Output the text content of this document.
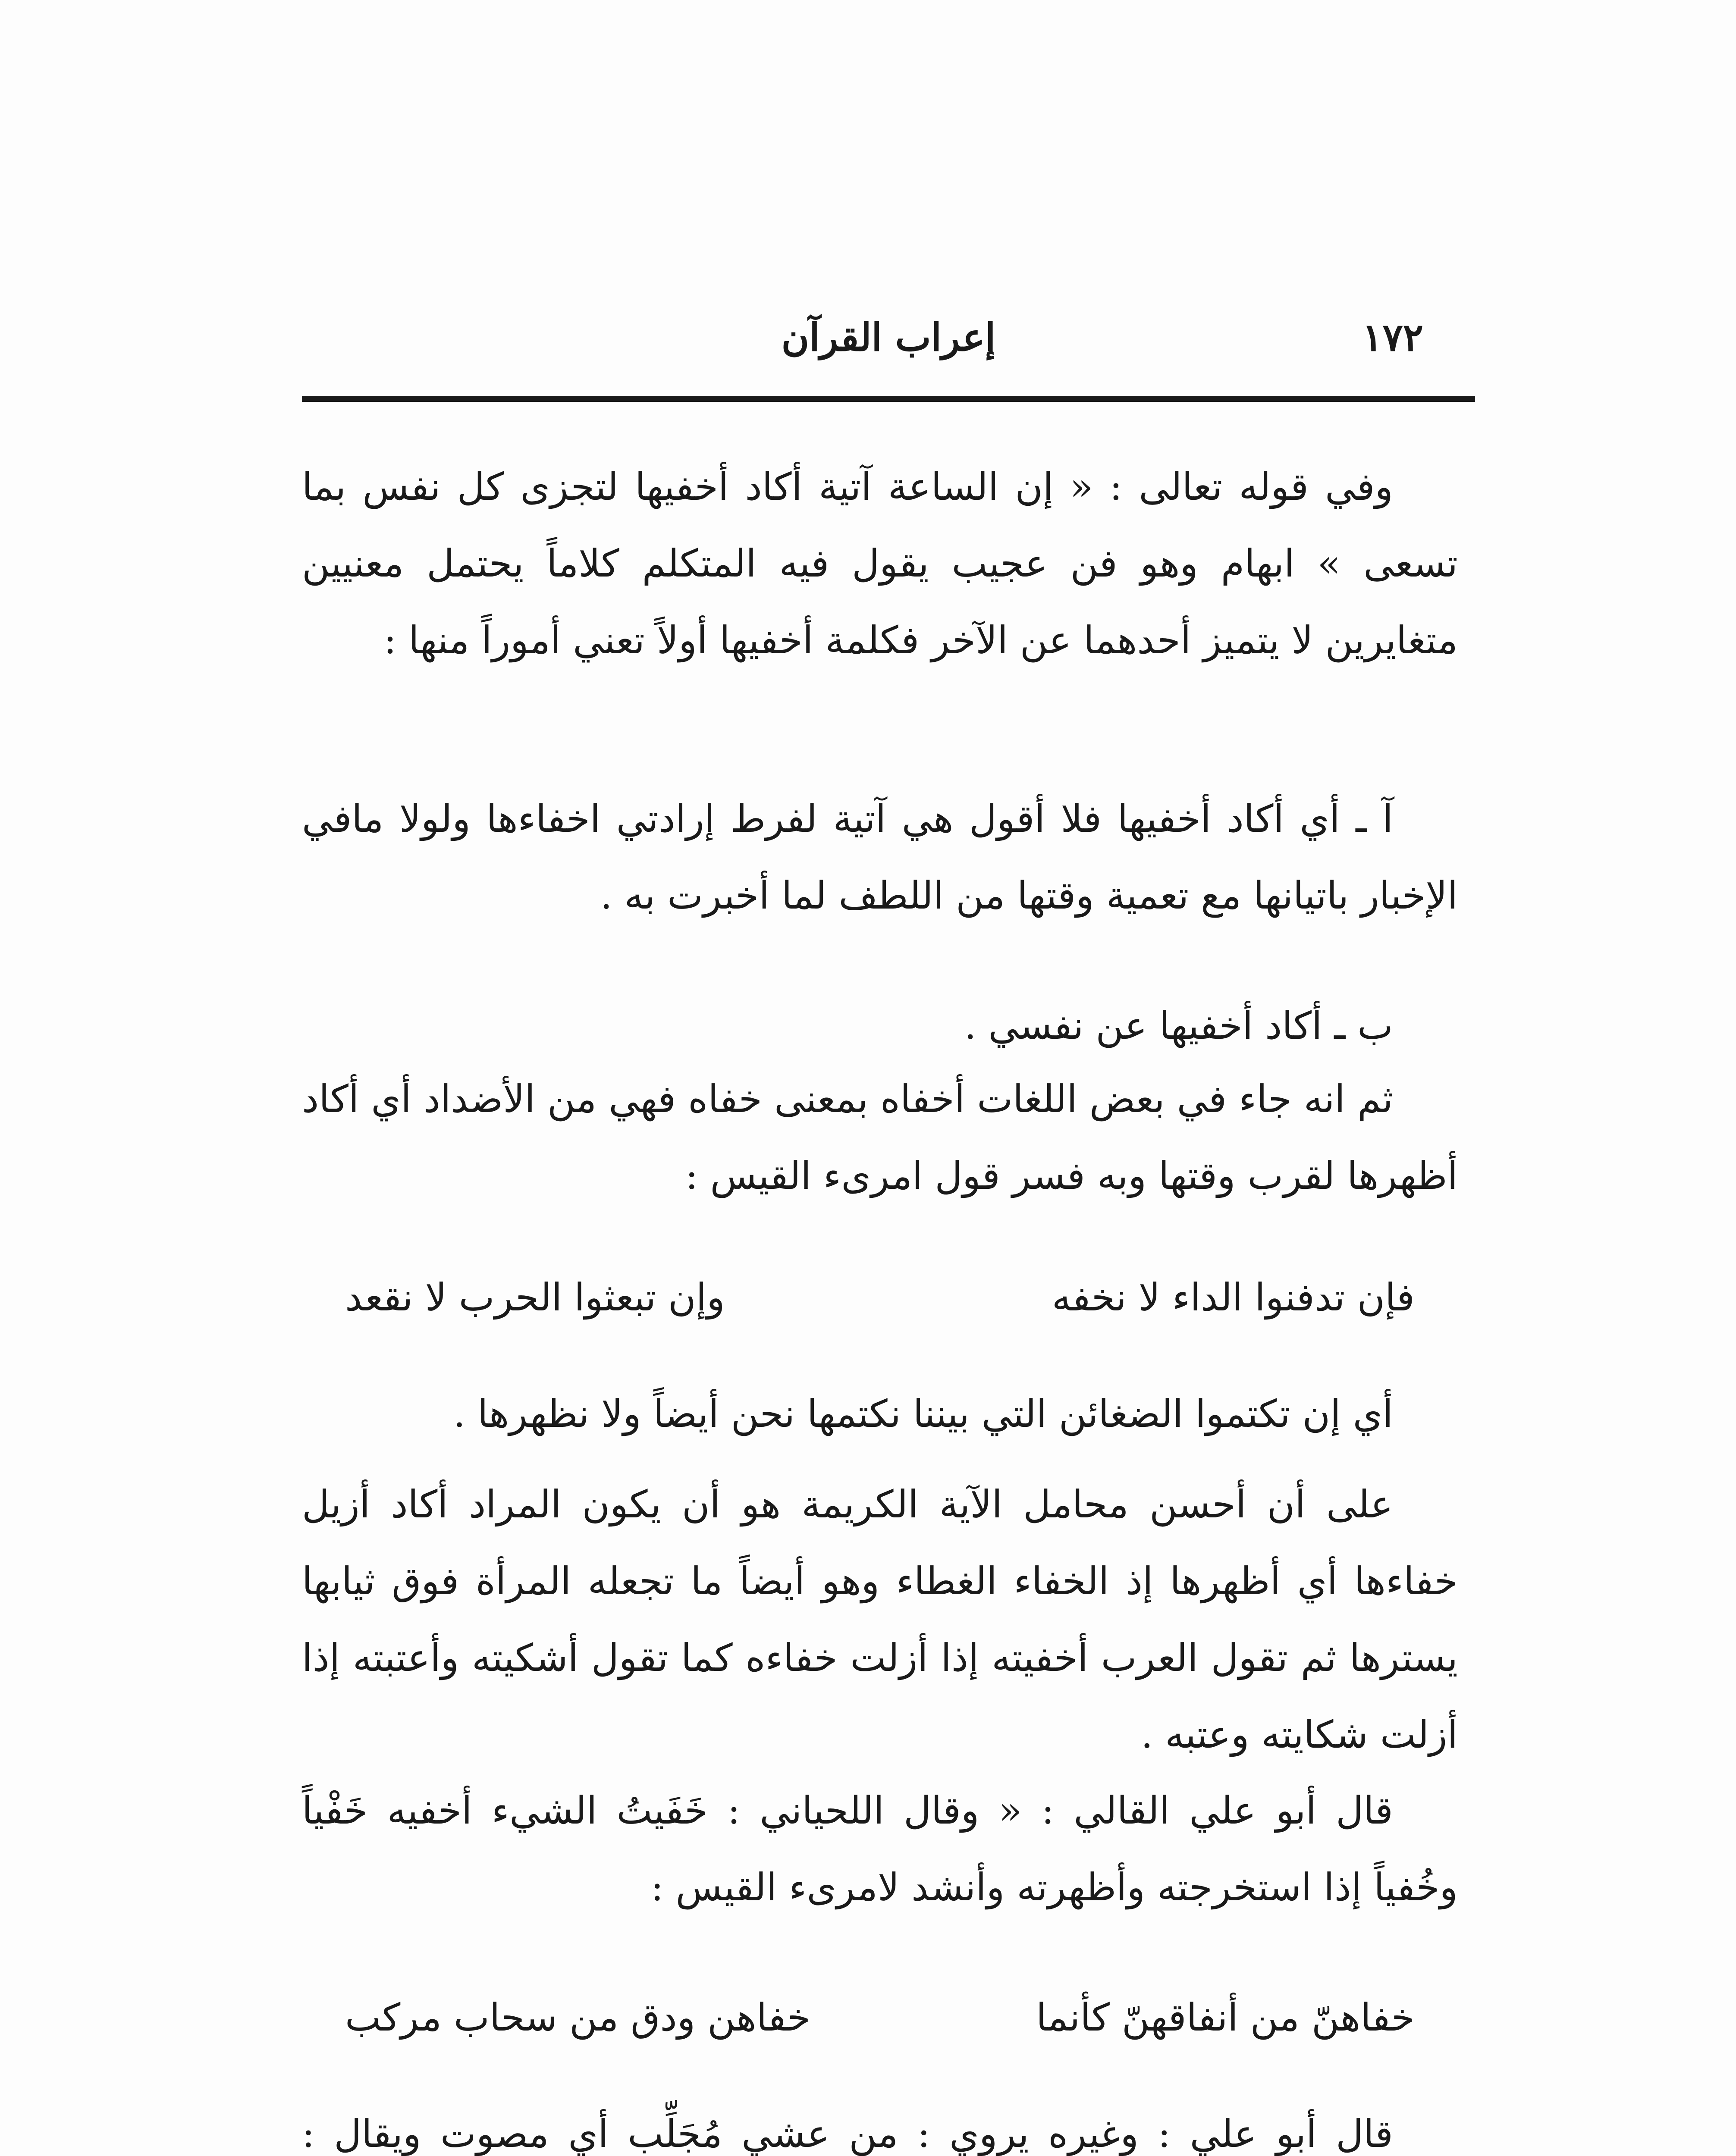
١٧٢
إعراب القرآن
وفي قوله تعالى : « إن الساعة آتية أكاد أخفيها لتجزى كل نفس بما تسعى » ابهام وهو فن عجيب يقول فيه المتكلم كلاماً يحتمل معنيين متغايرين لا يتميز أحدهما عن الآخر فكلمة أخفيها أولاً تعني أموراً منها :
آ ـ أي أكاد أخفيها فلا أقول هي آتية لفرط إرادتي اخفاءها ولولا مافي الإخبار باتيانها مع تعمية وقتها من اللطف لما أخبرت به .
ب ـ أكاد أخفيها عن نفسي .
ثم انه جاء في بعض اللغات أخفاه بمعنى خفاه فهي من الأضداد أي أكاد أظهرها لقرب وقتها وبه فسر قول امرىء القيس :
فإن تدفنوا الداء لا نخفه
وإن تبعثوا الحرب لا نقعد
أي إن تكتموا الضغائن التي بيننا نكتمها نحن أيضاً ولا نظهرها .
على أن أحسن محامل الآية الكريمة هو أن يكون المراد أكاد أزيل خفاءها أي أظهرها إذ الخفاء الغطاء وهو أيضاً ما تجعله المرأة فوق ثيابها يسترها ثم تقول العرب أخفيته إذا أزلت خفاءه كما تقول أشكيته وأعتبته إذا أزلت شكايته وعتبه .
قال أبو علي القالي : « وقال اللحياني : خَفَيتُ الشيء أخفيه خَفْياً وخُفياً إذا استخرجته وأظهرته وأنشد لامرىء القيس :
خفاهنّ من أنفاقهنّ كأنما
خفاهن ودق من سحاب مركب
قال أبو علي : وغيره يروي : من عشي مُجَلِّب أي مصوت ويقال :
